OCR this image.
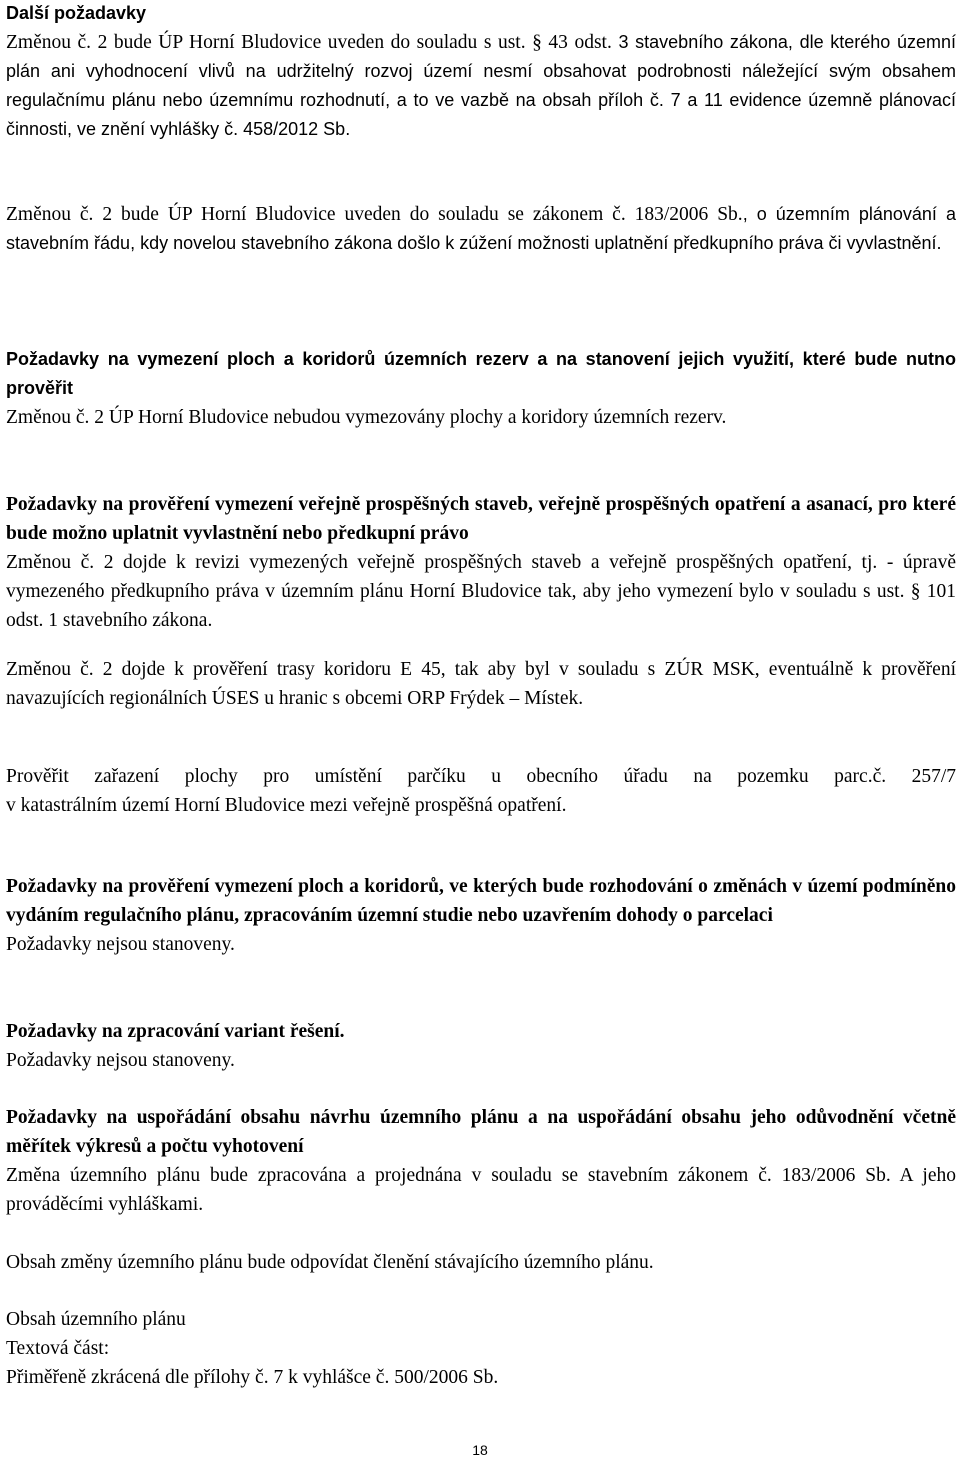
Další požadavky
Změnou č. 2 bude ÚP Horní Bludovice uveden do souladu s ust. § 43 odst. 3 stavebního zákona, dle kterého územní plán ani vyhodnocení vlivů na udržitelný rozvoj území nesmí obsahovat podrobnosti náležející svým obsahem regulačnímu plánu nebo územnímu rozhodnutí, a to ve vazbě na obsah příloh č. 7 a 11 evidence územně plánovací činnosti, ve znění vyhlášky č. 458/2012 Sb.
Změnou č. 2 bude ÚP Horní Bludovice uveden do souladu se zákonem č. 183/2006 Sb., o územním plánování a stavebním řádu, kdy novelou stavebního zákona došlo k zúžení možnosti uplatnění předkupního práva či vyvlastnění.
Požadavky na vymezení ploch a koridorů územních rezerv a na stanovení jejich využití, které bude nutno prověřit
Změnou č. 2 ÚP Horní Bludovice nebudou vymezovány plochy a koridory územních rezerv.
Požadavky na prověření vymezení veřejně prospěšných staveb, veřejně prospěšných opatření a asanací, pro které bude možno uplatnit vyvlastnění nebo předkupní právo
Změnou č. 2 dojde k revizi vymezených veřejně prospěšných staveb a veřejně prospěšných opatření, tj. - úpravě vymezeného předkupního práva v územním plánu Horní Bludovice tak, aby jeho vymezení bylo v souladu s ust. § 101 odst. 1 stavebního zákona.
Změnou č. 2 dojde k prověření trasy koridoru E 45, tak aby byl v souladu s ZÚR MSK, eventuálně k prověření navazujících regionálních ÚSES u hranic s obcemi ORP Frýdek – Místek.
Prověřit zařazení plochy pro umístění parčíku u obecního úřadu na pozemku parc.č. 257/7
v katastrálním území Horní Bludovice mezi veřejně prospěšná opatření.
Požadavky na prověření vymezení ploch a koridorů, ve kterých bude rozhodování o změnách v území podmíněno vydáním regulačního plánu, zpracováním územní studie nebo uzavřením dohody o parcelaci
Požadavky nejsou stanoveny.
Požadavky na zpracování variant řešení.
Požadavky nejsou stanoveny.
Požadavky na uspořádání obsahu návrhu územního plánu a na uspořádání obsahu jeho odůvodnění včetně měřítek výkresů a počtu vyhotovení
Změna územního plánu bude zpracována a projednána v souladu se stavebním zákonem č. 183/2006 Sb. A jeho prováděcími vyhláškami.
Obsah změny územního plánu bude odpovídat členění stávajícího územního plánu.
Obsah územního plánu
Textová část:
Přiměřeně zkrácená dle přílohy č. 7 k vyhlášce č. 500/2006 Sb.
18
